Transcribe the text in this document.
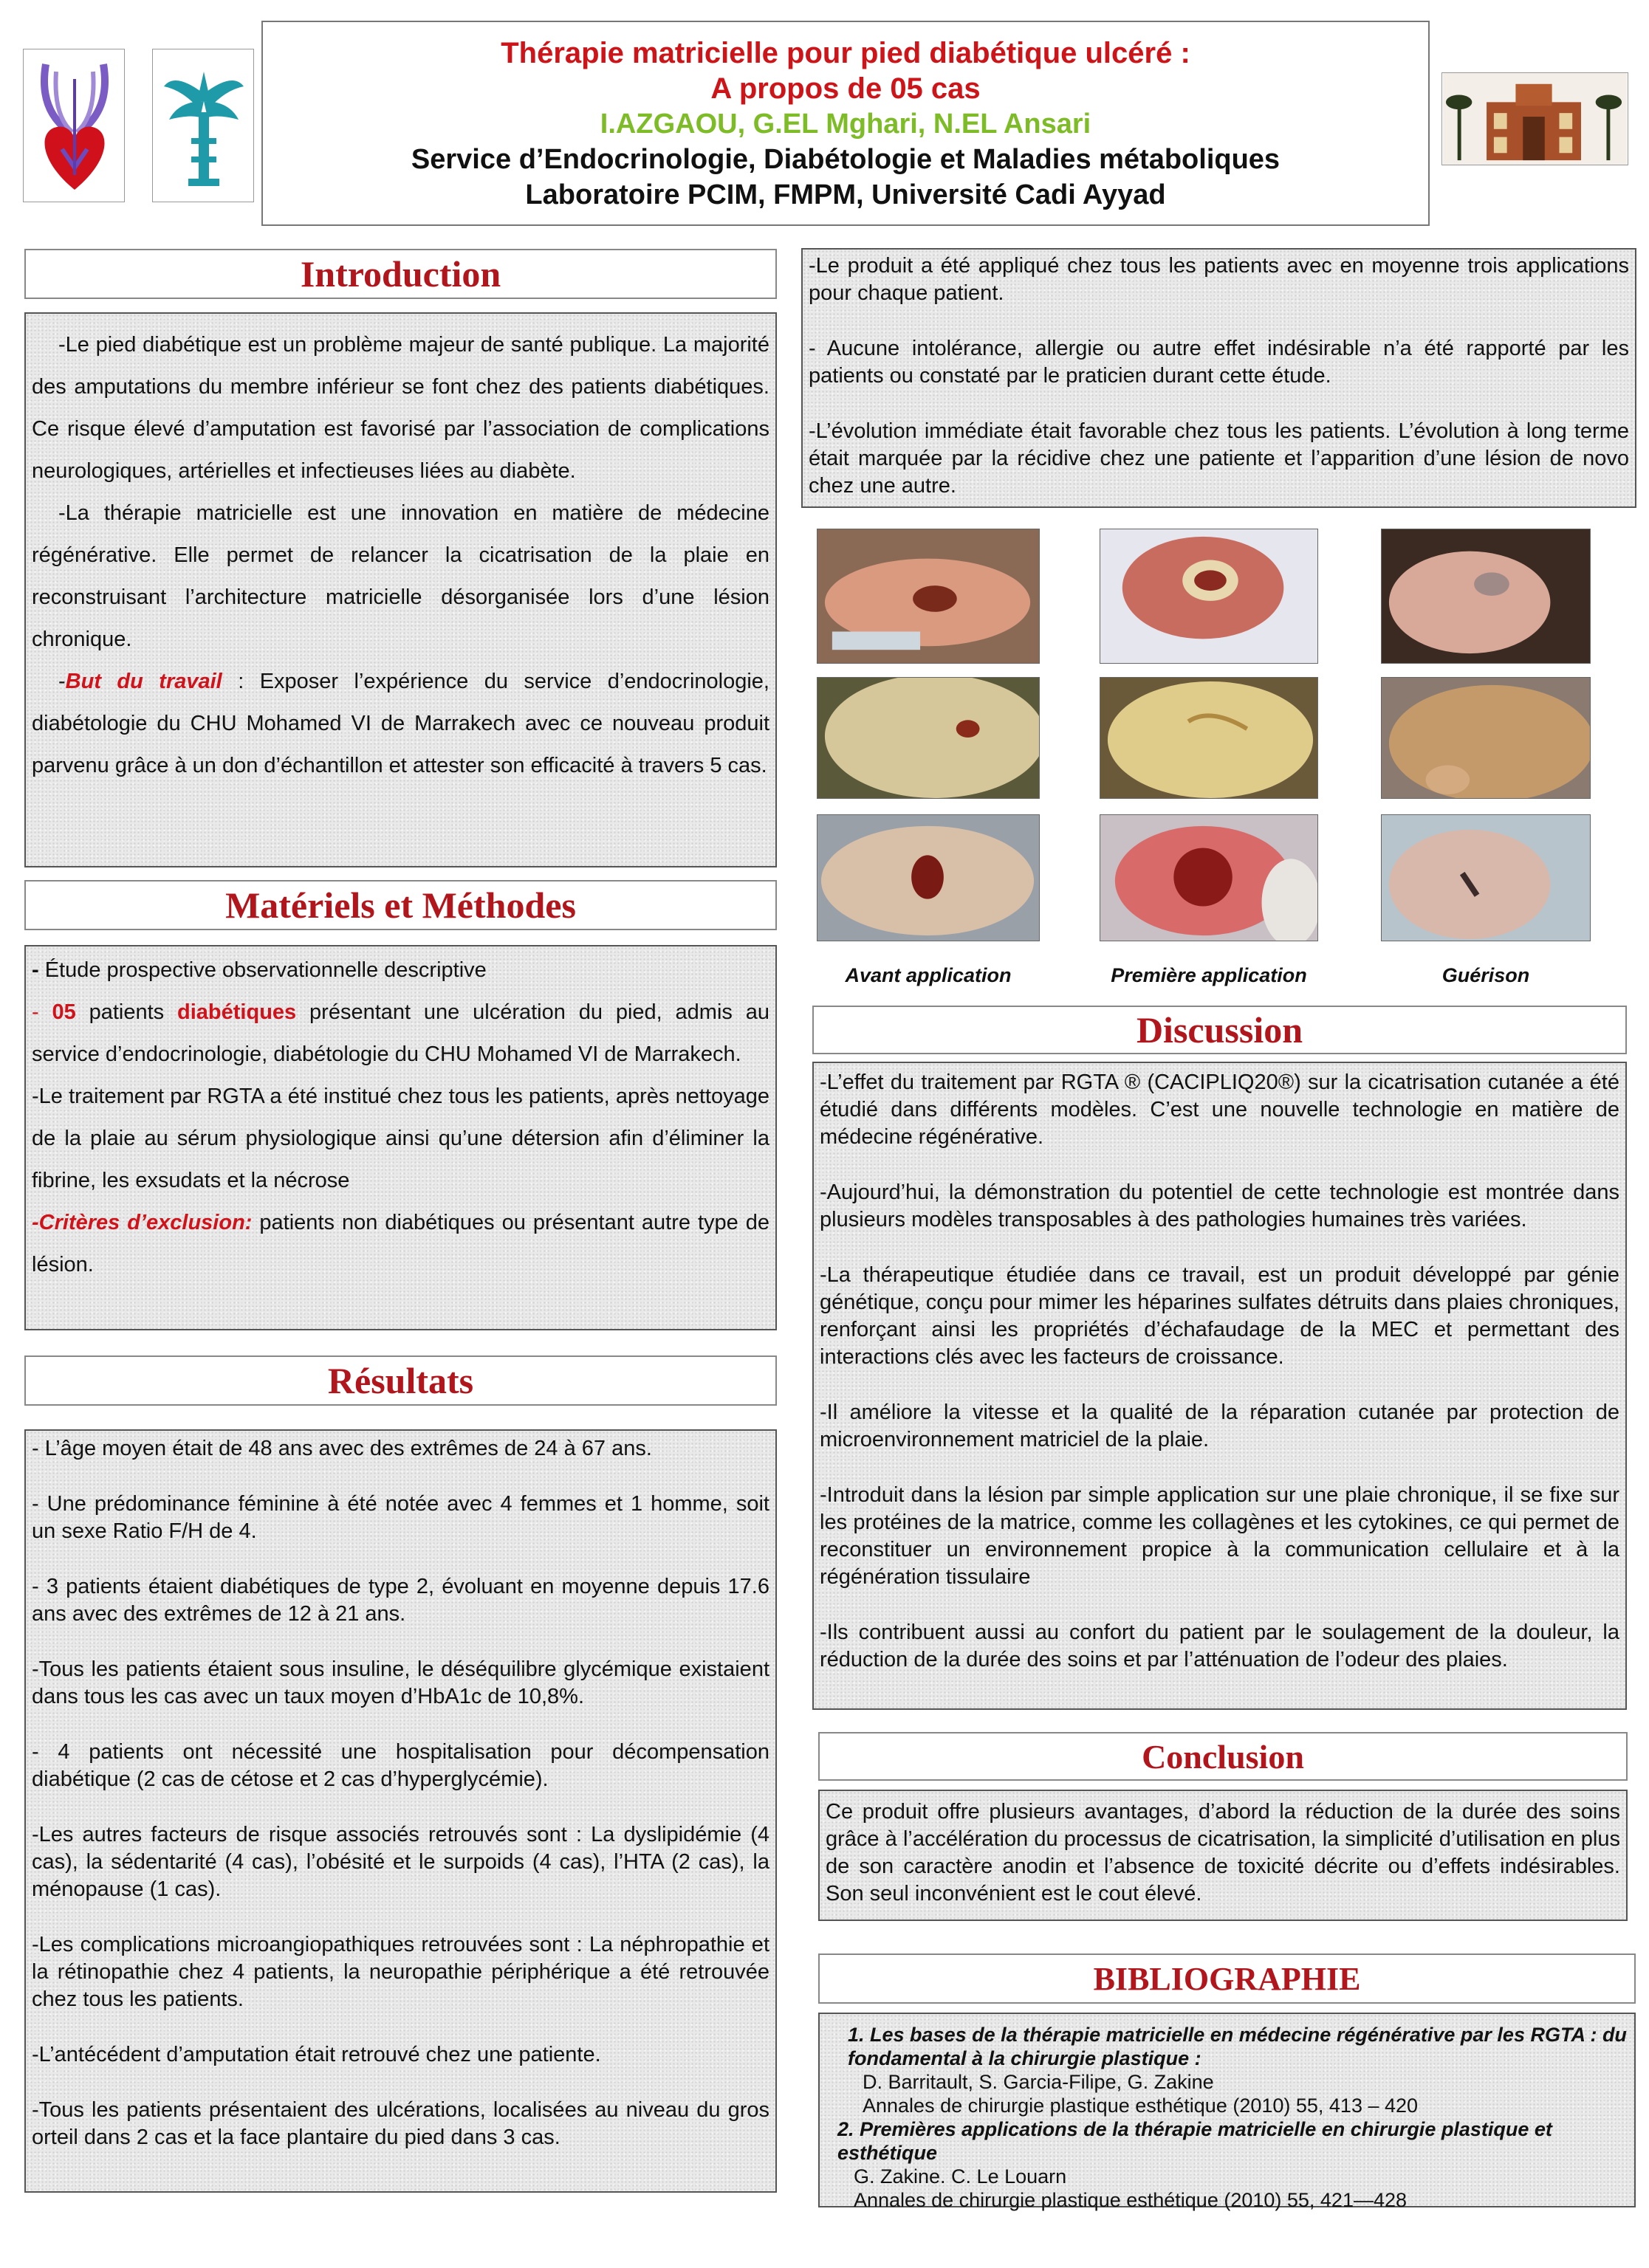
Thérapie matricielle pour pied diabétique ulcéré :
A propos de 05 cas
I.AZGAOU, G.EL Mghari, N.EL Ansari
Service d’Endocrinologie, Diabétologie et Maladies métaboliques
Laboratoire PCIM, FMPM, Université Cadi Ayyad
Introduction

-Le pied diabétique est un problème majeur de santé publique. La majorité des amputations du membre inférieur se font chez des patients diabétiques. Ce risque élevé d’amputation est favorisé par l’association de complications neurologiques, artérielles et infectieuses liées au diabète.

-La thérapie matricielle est une innovation en matière de médecine régénérative. Elle permet de relancer la cicatrisation de la plaie en reconstruisant l’architecture matricielle désorganisée lors d’une lésion chronique.

-But du travail : Exposer l’expérience du service d’endocrinologie, diabétologie du CHU Mohamed VI de Marrakech avec ce nouveau produit parvenu grâce à un don d’échantillon et attester son efficacité à travers 5 cas.

Matériels et Méthodes

- Étude prospective observationnelle descriptive

- 05 patients diabétiques présentant une ulcération du pied, admis au service d’endocrinologie, diabétologie du CHU Mohamed VI de Marrakech.

-Le traitement par RGTA a été institué chez tous les patients, après nettoyage de la plaie au sérum physiologique ainsi qu’une détersion afin d’éliminer la fibrine, les exsudats et la nécrose

-Critères d’exclusion: patients non diabétiques ou présentant autre type de lésion.

Résultats

- L’âge moyen était de 48 ans avec des extrêmes de 24 à 67 ans.

- Une prédominance féminine à été notée avec 4 femmes et 1 homme, soit un sexe Ratio F/H de 4.

- 3 patients étaient diabétiques de type 2, évoluant en moyenne depuis 17.6 ans avec des extrêmes de 12 à 21 ans.

-Tous les patients étaient sous insuline, le déséquilibre glycémique existaient dans tous les cas avec un taux moyen d’HbA1c de 10,8%.

- 4 patients ont nécessité une hospitalisation pour décompensation diabétique (2 cas de cétose et 2 cas d’hyperglycémie).

-Les autres facteurs de risque associés retrouvés sont : La dyslipidémie (4 cas), la sédentarité (4 cas), l’obésité et le surpoids (4 cas), l’HTA (2 cas), la ménopause (1 cas).

-Les complications microangiopathiques retrouvées sont : La néphropathie et la rétinopathie chez 4 patients, la neuropathie périphérique a été retrouvée chez tous les patients.

-L’antécédent d’amputation était retrouvé chez une patiente.

-Tous les patients présentaient des ulcérations, localisées au niveau du gros orteil dans 2 cas et la face plantaire du pied dans 3 cas.

-Le produit a été appliqué chez tous les patients avec en moyenne trois applications pour chaque patient.

- Aucune intolérance, allergie ou autre effet indésirable n’a été rapporté par les patients ou constaté par le praticien durant cette étude.

-L’évolution immédiate était favorable chez tous les patients. L’évolution à long terme était marquée par la récidive chez une patiente et l’apparition d’une lésion de novo chez une autre.

Avant application	Première application	Guérison
Discussion

-L’effet du traitement par RGTA ® (CACIPLIQ20®) sur la cicatrisation cutanée a été étudié dans différents modèles. C’est une nouvelle technologie en matière de médecine régénérative.

-Aujourd’hui, la démonstration du potentiel de cette technologie est montrée dans plusieurs modèles transposables à des pathologies humaines très variées.

-La thérapeutique étudiée dans ce travail, est un produit développé par génie génétique, conçu pour mimer les héparines sulfates détruits dans plaies chroniques, renforçant ainsi les propriétés d’échafaudage de la MEC et permettant des interactions clés avec les facteurs de croissance.

-Il améliore la vitesse et la qualité de la réparation cutanée par protection de microenvironnement matriciel de la plaie.

-Introduit dans la lésion par simple application sur une plaie chronique, il se fixe sur les protéines de la matrice, comme les collagènes et les cytokines, ce qui permet de reconstituer un environnement propice à la communication cellulaire et à la régénération tissulaire

-Ils contribuent aussi au confort du patient par le soulagement de la douleur, la réduction de la durée des soins et par l’atténuation de l’odeur des plaies.

Conclusion

Ce produit offre plusieurs avantages, d’abord la réduction de la durée des soins grâce à l’accélération du processus de cicatrisation, la simplicité d’utilisation en plus de son caractère anodin et l’absence de toxicité décrite ou d’effets indésirables. Son seul inconvénient est le cout élevé.

BIBLIOGRAPHIE
1. Les bases de la thérapie matricielle en médecine régénérative par les RGTA : du fondamental à la chirurgie plastique :
D. Barritault, S. Garcia-Filipe, G. Zakine
Annales de chirurgie plastique esthétique (2010) 55, 413 – 420
2. Premières applications de la thérapie matricielle en chirurgie plastique et esthétique
G. Zakine. C. Le Louarn
Annales de chirurgie plastique esthétique (2010) 55, 421—428
